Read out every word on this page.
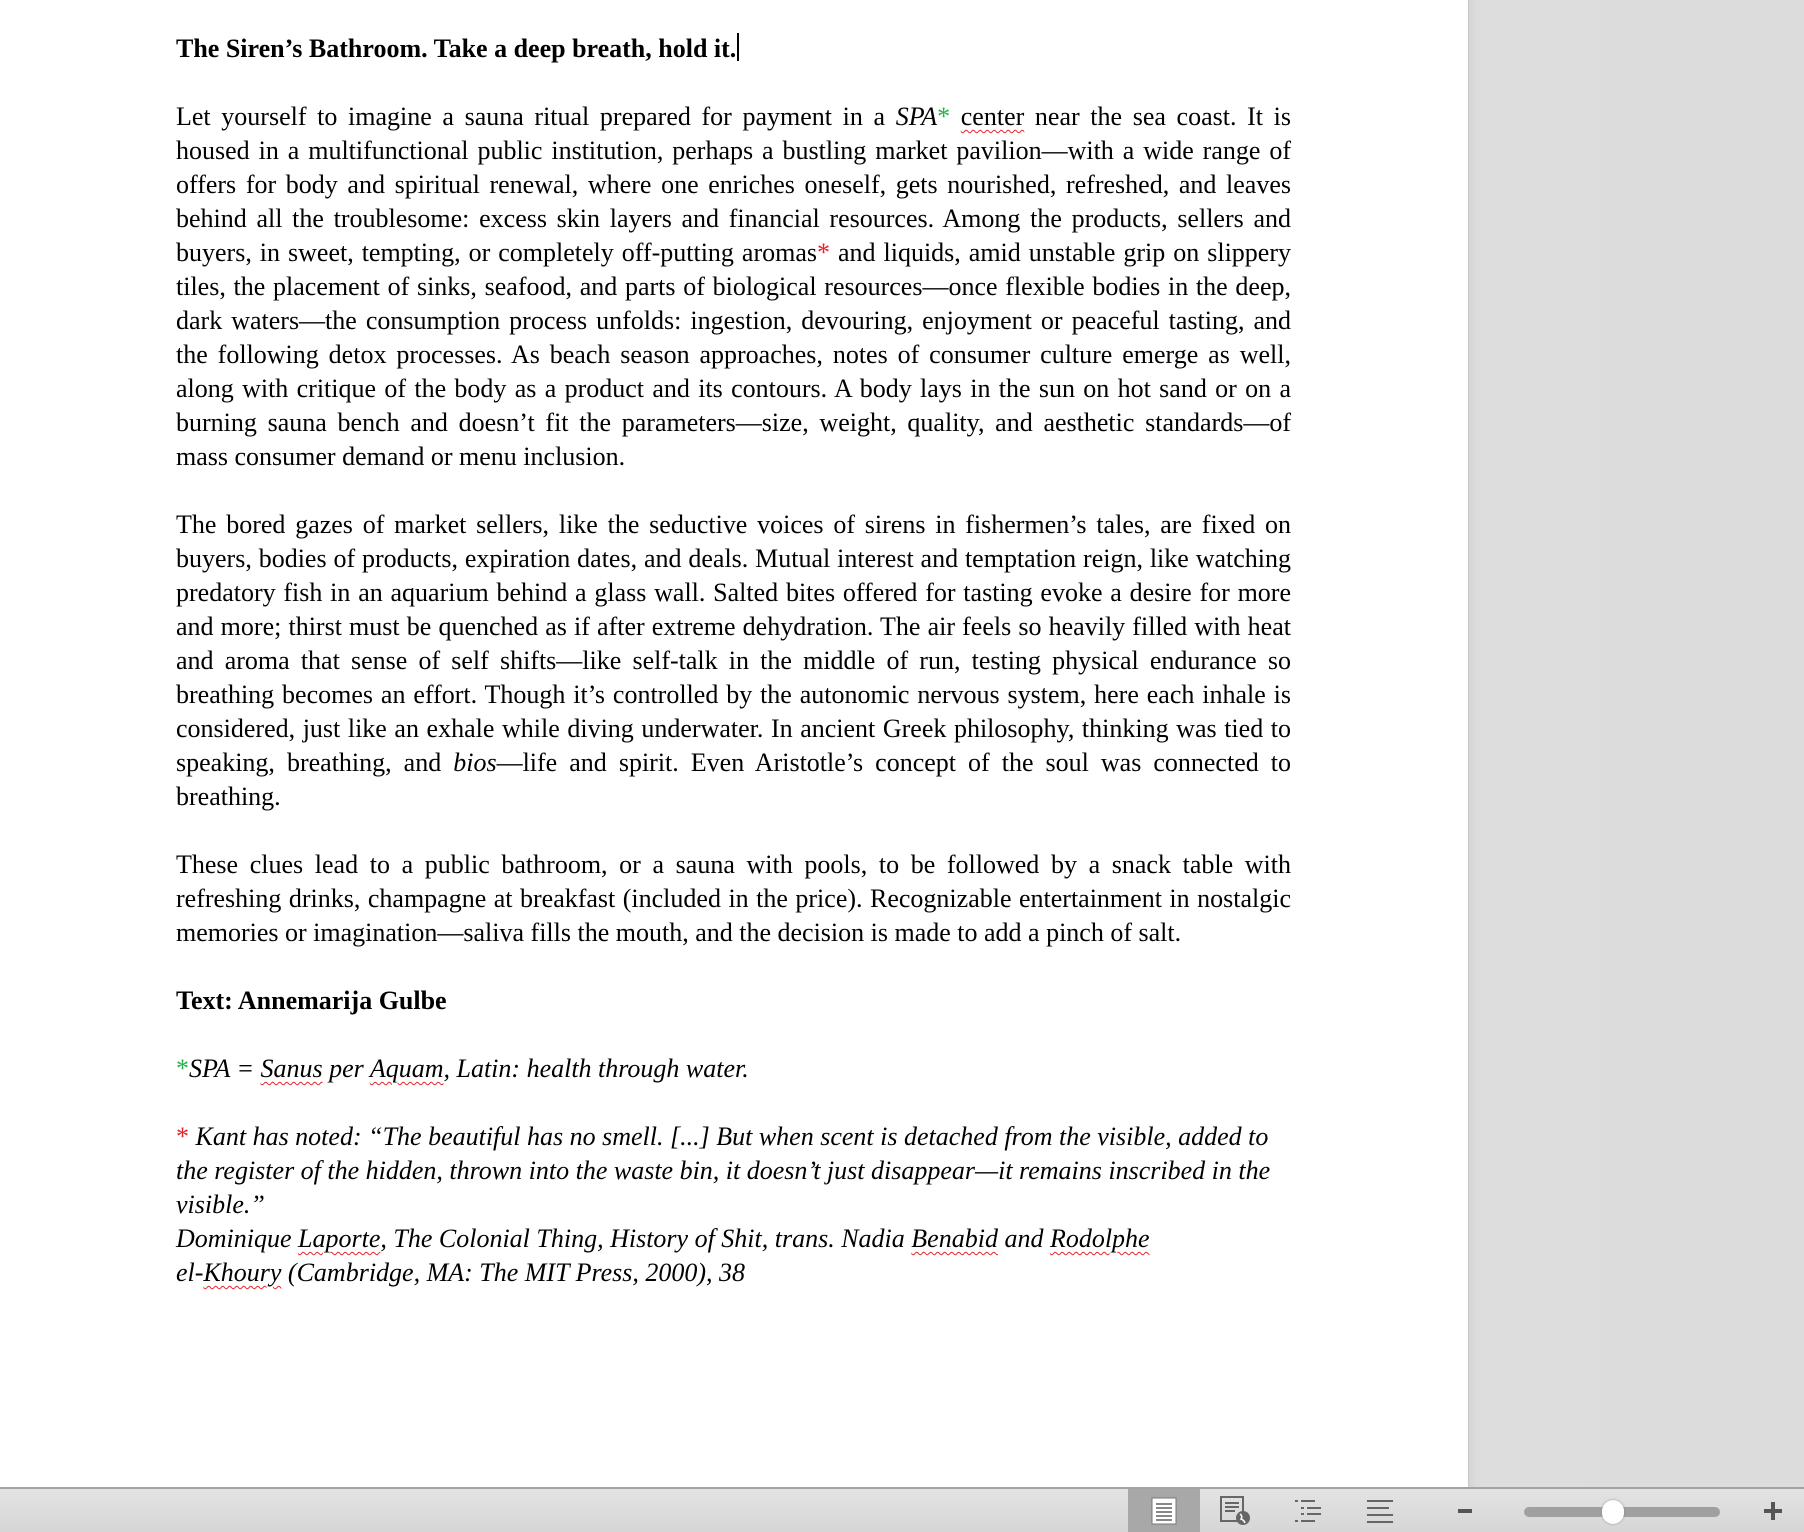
The Siren’s Bathroom. Take a deep breath, hold it.

Let yourself to imagine a sauna ritual prepared for payment in a SPA* center near the sea coast. It is housed in a multifunctional public institution, perhaps a bustling market pavilion—with a wide range of offers for body and spiritual renewal, where one enriches oneself, gets nourished, refreshed, and leaves behind all the troublesome: excess skin layers and financial resources. Among the products, sellers and buyers, in sweet, tempting, or completely off-putting aromas* and liquids, amid unstable grip on slippery tiles, the placement of sinks, seafood, and parts of biological resources—once flexible bodies in the deep, dark waters—the consumption process unfolds: ingestion, devouring, enjoyment or peaceful tasting, and the following detox processes. As beach season approaches, notes of consumer culture emerge as well, along with critique of the body as a product and its contours. A body lays in the sun on hot sand or on a burning sauna bench and doesn’t fit the parameters—size, weight, quality, and aesthetic standards—of mass consumer demand or menu inclusion.

The bored gazes of market sellers, like the seductive voices of sirens in fishermen’s tales, are fixed on buyers, bodies of products, expiration dates, and deals. Mutual interest and temptation reign, like watching predatory fish in an aquarium behind a glass wall. Salted bites offered for tasting evoke a desire for more and more; thirst must be quenched as if after extreme dehydration. The air feels so heavily filled with heat and aroma that sense of self shifts—like self-talk in the middle of run, testing physical endurance so breathing becomes an effort. Though it’s controlled by the autonomic nervous system, here each inhale is considered, just like an exhale while diving underwater. In ancient Greek philosophy, thinking was tied to speaking, breathing, and bios—life and spirit. Even Aristotle’s concept of the soul was connected to breathing.

These clues lead to a public bathroom, or a sauna with pools, to be followed by a snack table with refreshing drinks, champagne at breakfast (included in the price). Recognizable entertainment in nostalgic memories or imagination—saliva fills the mouth, and the decision is made to add a pinch of salt.

Text: Annemarija Gulbe
*SPA = Sanus per Aquam, Latin: health through water.
* Kant has noted: “The beautiful has no smell. [...] But when scent is detached from the visible, added to the register of the hidden, thrown into the waste bin, it doesn’t just disappear—it remains inscribed in the visible.”
Dominique Laporte, The Colonial Thing, History of Shit, trans. Nadia Benabid and Rodolphe
el-Khoury (Cambridge, MA: The MIT Press, 2000), 38
